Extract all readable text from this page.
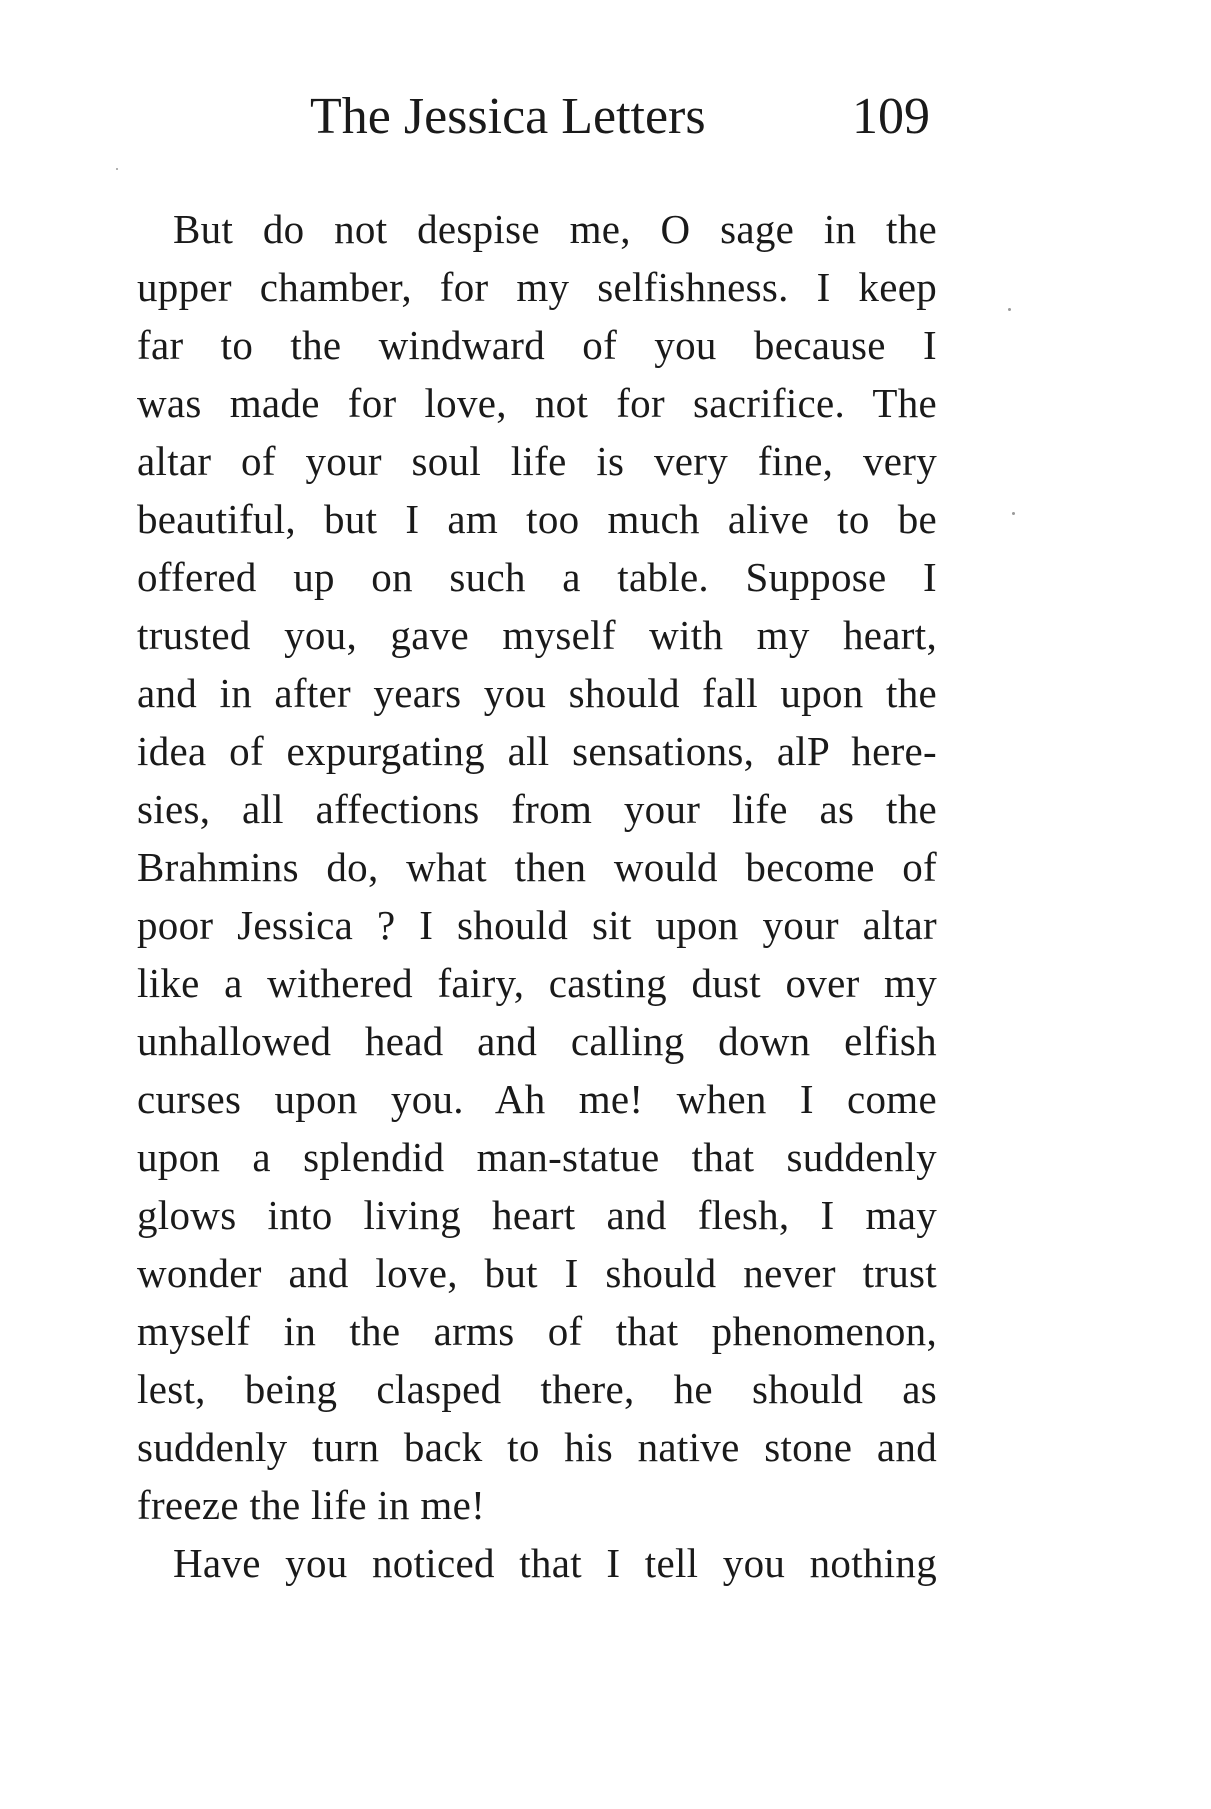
The Jessica Letters	109
But do not despise me, O sage in the
upper chamber, for my selfishness. I keep
far to the windward of you because I
was made for love, not for sacrifice. The
altar of your soul life is very fine, very
beautiful, but I am too much alive to be
offered up on such a table. Suppose I
trusted you, gave myself with my heart,
and in after years you should fall upon the
idea of expurgating all sensations, alP here-
sies, all affections from your life as the
Brahmins do, what then would become of
poor Jessica ? I should sit upon your altar
like a withered fairy, casting dust over my
unhallowed head and calling down elfish
curses upon you. Ah me! when I come
upon a splendid man-statue that suddenly
glows into living heart and flesh, I may
wonder and love, but I should never trust
myself in the arms of that phenomenon,
lest, being clasped there, he should as
suddenly turn back to his native stone and
freeze the life in me!
Have you noticed that I tell you nothing
